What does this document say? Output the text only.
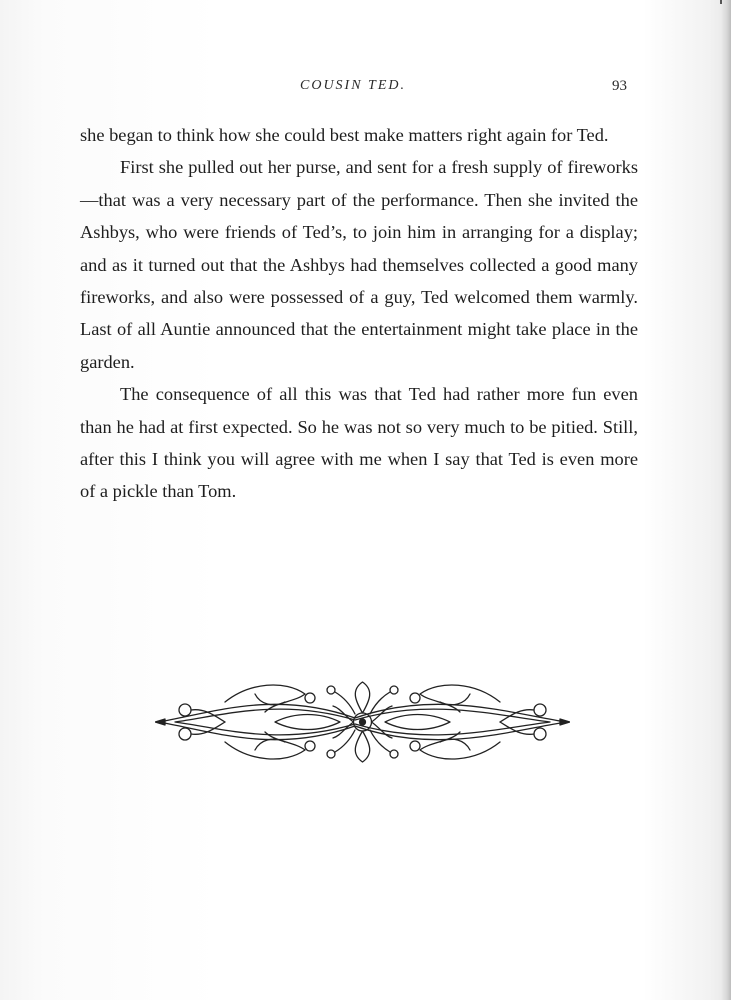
COUSIN TED.	93

she began to think how she could best make matters right again for Ted.

First she pulled out her purse, and sent for a fresh supply of fireworks—that was a very necessary part of the performance. Then she invited the Ashbys, who were friends of Ted’s, to join him in arranging for a display; and as it turned out that the Ashbys had themselves collected a good many fireworks, and also were possessed of a guy, Ted welcomed them warmly. Last of all Auntie announced that the entertainment might take place in the garden.

The consequence of all this was that Ted had rather more fun even than he had at first expected. So he was not so very much to be pitied. Still, after this I think you will agree with me when I say that Ted is even more of a pickle than Tom.
